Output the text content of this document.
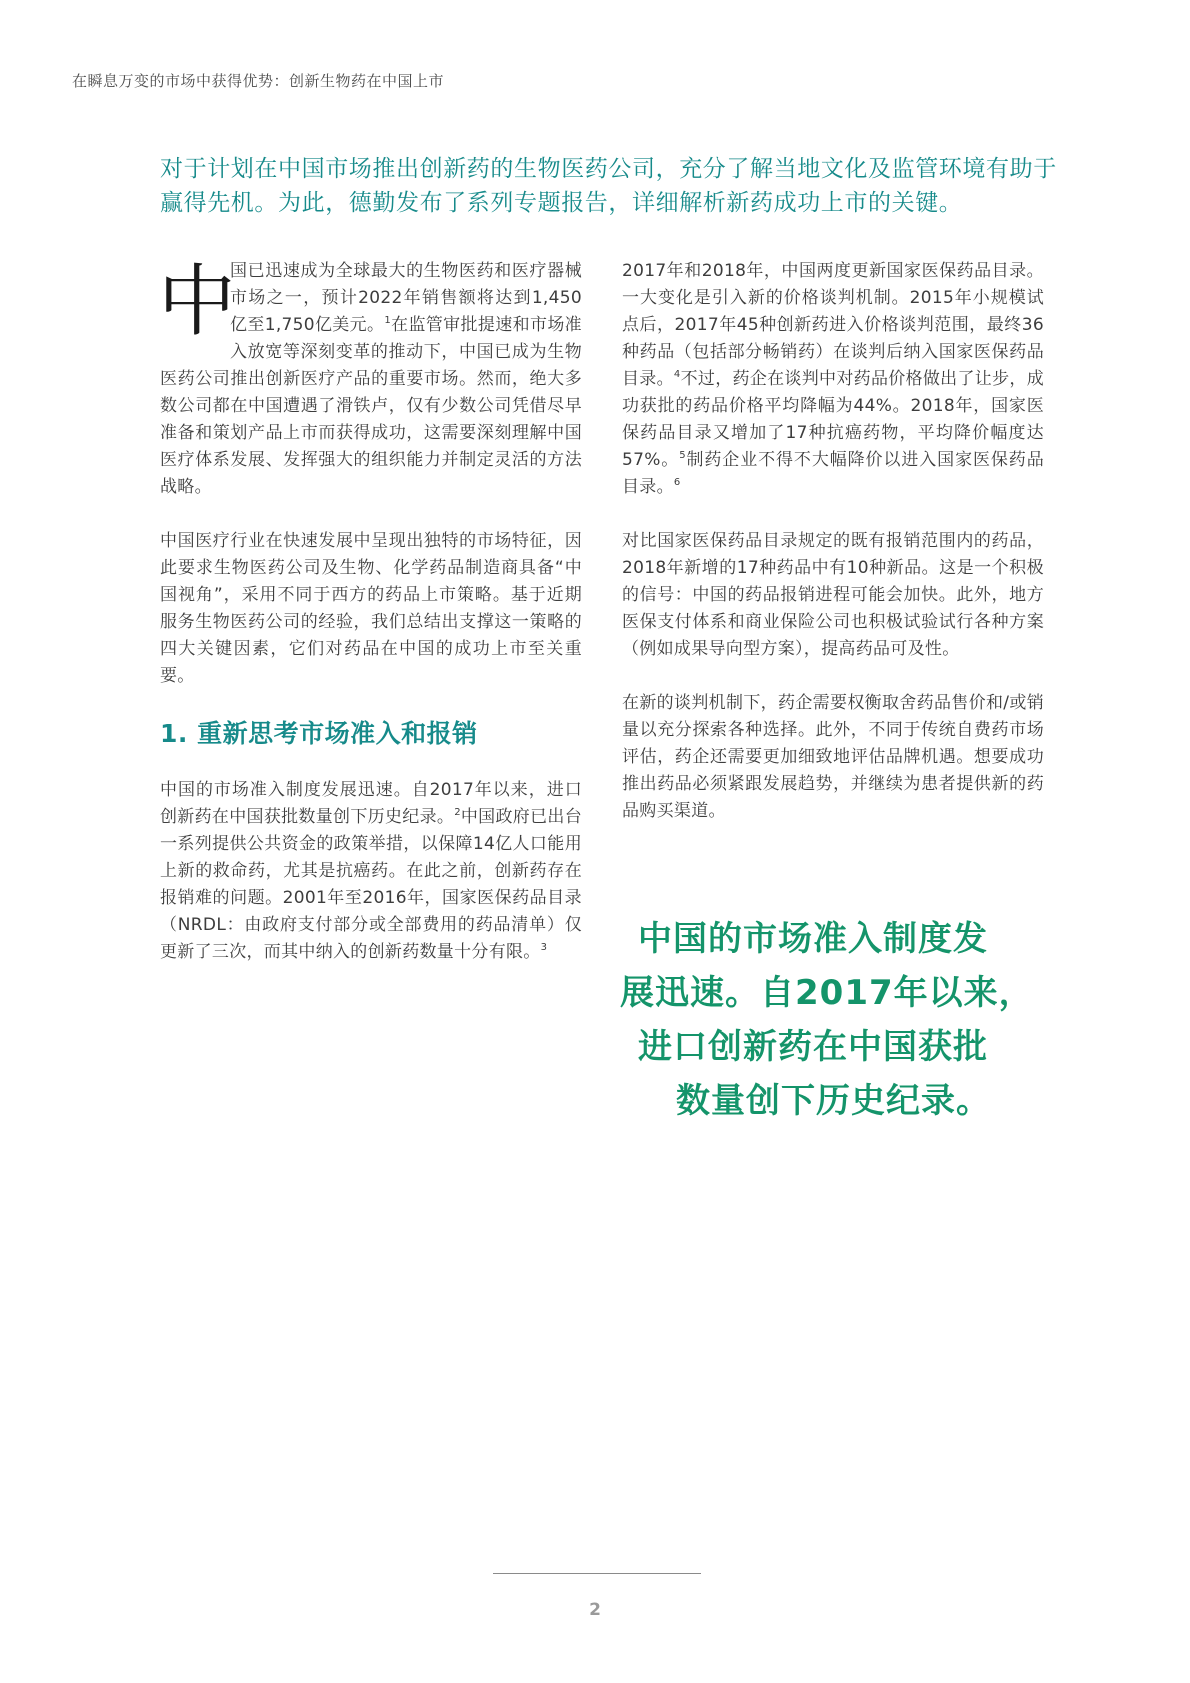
在瞬息万变的市场中获得优势：创新生物药在中国上市

对于计划在中国市场推出创新药的生物医药公司，充分了解当地文化及监管环境有助于赢得先机。为此，德勤发布了系列专题报告，详细解析新药成功上市的关键。

中
国已迅速成为全球最大的生物医药和医疗器械市场之一，预计2022年销售额将达到1,450亿至1,750亿美元。$^1$在监管审批提速和市场准入放宽等深刻变革的推动下，中国已成为生物医药公司推出创新医疗产品的重要市场。然而，绝大多数公司都在中国遭遇了滑铁卢，仅有少数公司凭借尽早准备和策划产品上市而获得成功，这需要深刻理解中国医疗体系发展、发挥强大的组织能力并制定灵活的方法战略。

中国医疗行业在快速发展中呈现出独特的市场特征，因此要求生物医药公司及生物、化学药品制造商具备“中国视角”，采用不同于西方的药品上市策略。基于近期服务生物医药公司的经验，我们总结出支撑这一策略的四大关键因素，它们对药品在中国的成功上市至关重要。

1. 重新思考市场准入和报销

中国的市场准入制度发展迅速。自2017年以来，进口创新药在中国获批数量创下历史纪录。$^2$中国政府已出台一系列提供公共资金的政策举措，以保障14亿人口能用上新的救命药，尤其是抗癌药。在此之前，创新药存在报销难的问题。2001年至2016年，国家医保药品目录（NRDL：由政府支付部分或全部费用的药品清单）仅更新了三次，而其中纳入的创新药数量十分有限。$^3$

2017年和2018年，中国两度更新国家医保药品目录。一大变化是引入新的价格谈判机制。2015年小规模试点后，2017年45种创新药进入价格谈判范围，最终36种药品（包括部分畅销药）在谈判后纳入国家医保药品目录。$^4$不过，药企在谈判中对药品价格做出了让步，成功获批的药品价格平均降幅为44%。2018年，国家医保药品目录又增加了17种抗癌药物，平均降价幅度达57%。$^5$制药企业不得不大幅降价以进入国家医保药品目录。$^6$

对比国家医保药品目录规定的既有报销范围内的药品，2018年新增的17种药品中有10种新品。这是一个积极的信号：中国的药品报销进程可能会加快。此外，地方医保支付体系和商业保险公司也积极试验试行各种方案（例如成果导向型方案），提高药品可及性。

在新的谈判机制下，药企需要权衡取舍药品售价和/或销量以充分探索各种选择。此外，不同于传统自费药市场评估，药企还需要更加细致地评估品牌机遇。想要成功推出药品必须紧跟发展趋势，并继续为患者提供新的药品购买渠道。

中国的市场准入制度发
展迅速。自2017年以来，
进口创新药在中国获批
数量创下历史纪录。
2
